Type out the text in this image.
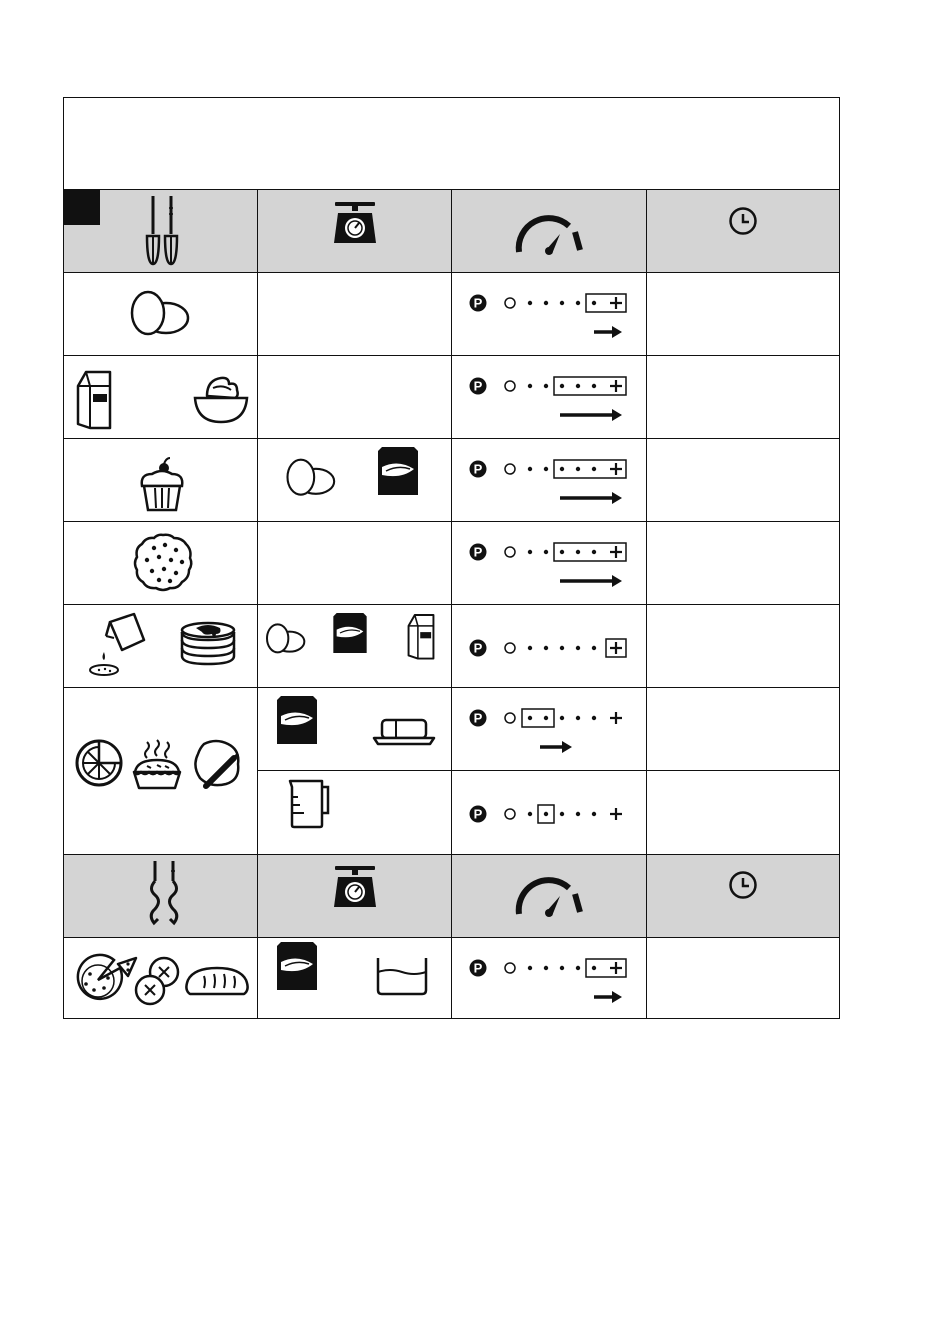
P
P
P
P
P
P
P
P
